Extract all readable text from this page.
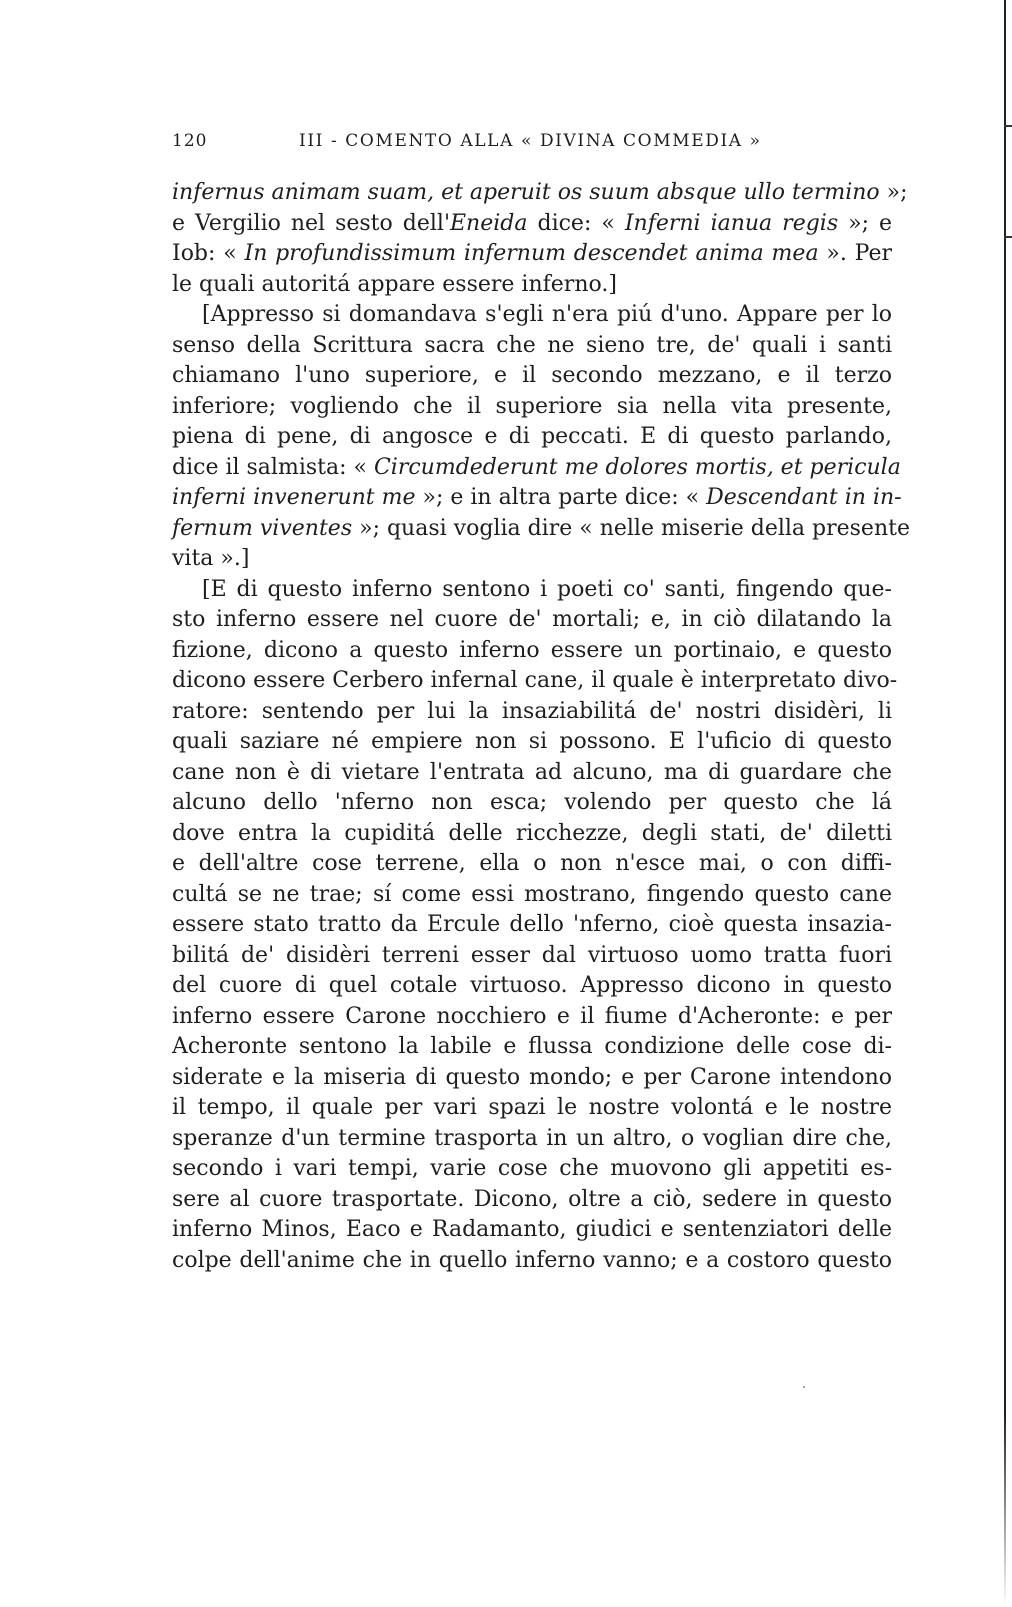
120	III - COMENTO ALLA « DIVINA COMMEDIA »
infernus animam suam, et aperuit os suum absque ullo termino »;
e Vergilio nel sesto dell'Eneida dice: « Inferni ianua regis »; e
Iob: « In profundissimum infernum descendet anima mea ». Per
le quali autoritá appare essere inferno.]
[Appresso si domandava s'egli n'era piú d'uno. Appare per lo
senso della Scrittura sacra che ne sieno tre, de' quali i santi
chiamano l'uno superiore, e il secondo mezzano, e il terzo
inferiore; vogliendo che il superiore sia nella vita presente,
piena di pene, di angosce e di peccati. E di questo parlando,
dice il salmista: « Circumdederunt me dolores mortis, et pericula
inferni invenerunt me »; e in altra parte dice: « Descendant in in-
fernum viventes »; quasi voglia dire « nelle miserie della presente
vita ».]
[E di questo inferno sentono i poeti co' santi, fingendo que-
sto inferno essere nel cuore de' mortali; e, in ciò dilatando la
fizione, dicono a questo inferno essere un portinaio, e questo
dicono essere Cerbero infernal cane, il quale è interpretato divo-
ratore: sentendo per lui la insaziabilitá de' nostri disidèri, li
quali saziare né empiere non si possono. E l'uficio di questo
cane non è di vietare l'entrata ad alcuno, ma di guardare che
alcuno dello 'nferno non esca; volendo per questo che lá
dove entra la cupiditá delle ricchezze, degli stati, de' diletti
e dell'altre cose terrene, ella o non n'esce mai, o con diffi-
cultá se ne trae; sí come essi mostrano, fingendo questo cane
essere stato tratto da Ercule dello 'nferno, cioè questa insazia-
bilitá de' disidèri terreni esser dal virtuoso uomo tratta fuori
del cuore di quel cotale virtuoso. Appresso dicono in questo
inferno essere Carone nocchiero e il fiume d'Acheronte: e per
Acheronte sentono la labile e flussa condizione delle cose di-
siderate e la miseria di questo mondo; e per Carone intendono
il tempo, il quale per vari spazi le nostre volontá e le nostre
speranze d'un termine trasporta in un altro, o voglian dire che,
secondo i vari tempi, varie cose che muovono gli appetiti es-
sere al cuore trasportate. Dicono, oltre a ciò, sedere in questo
inferno Minos, Eaco e Radamanto, giudici e sentenziatori delle
colpe dell'anime che in quello inferno vanno; e a costoro questo
